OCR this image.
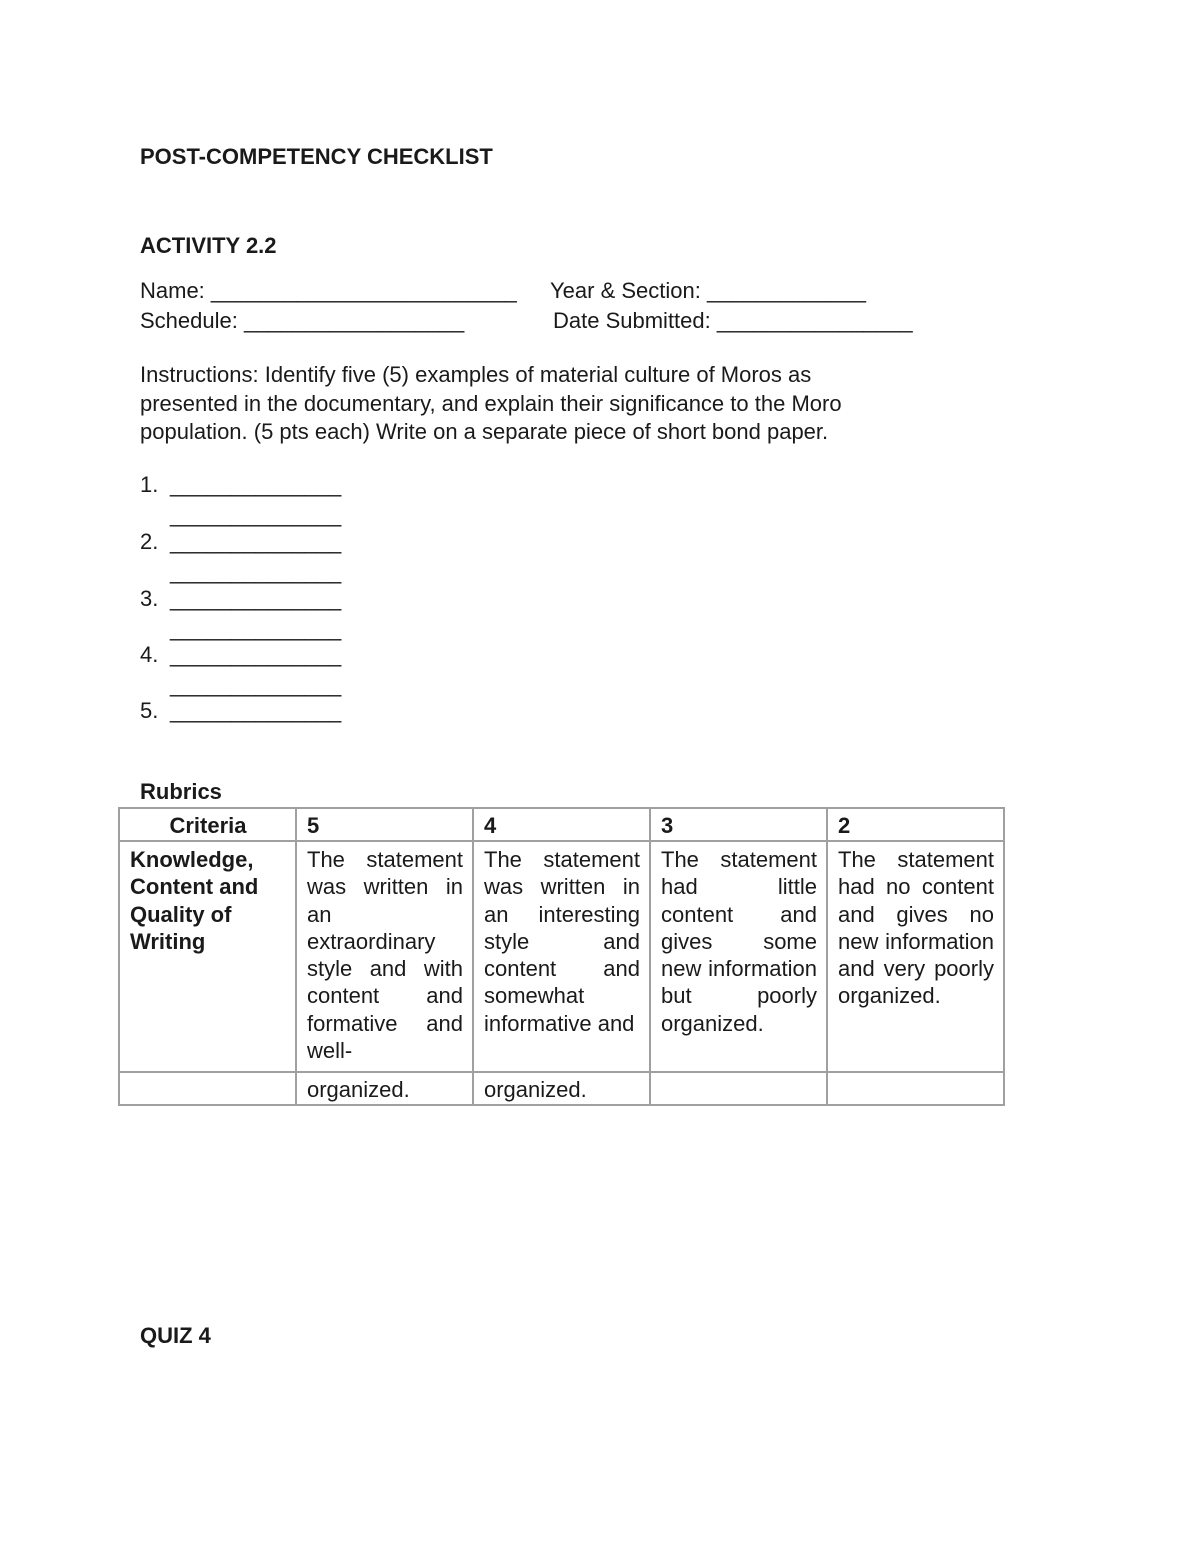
POST-COMPETENCY CHECKLIST
ACTIVITY 2.2
Name: _________________________ Year & Section: _____________
Schedule: __________________	Date Submitted: ________________
Instructions: Identify five (5) examples of material culture of Moros as presented in the documentary, and explain their significance to the Moro population. (5 pts each) Write on a separate piece of short bond paper.
1. ______________
______________
2. ______________
______________
3. ______________
______________
4. ______________
______________
5. ______________
Rubrics
Criteria	5	4	3	2
Knowledge, Content and Quality of Writing	The statement was written in an extraordinary style and with content and formative and well-	The statement was written in an interesting style and content and somewhat informative and	The statement had little content and gives some new information but poorly organized.	The statement had no content and gives no new information and very poorly organized.
	organized.	organized.		
QUIZ 4
